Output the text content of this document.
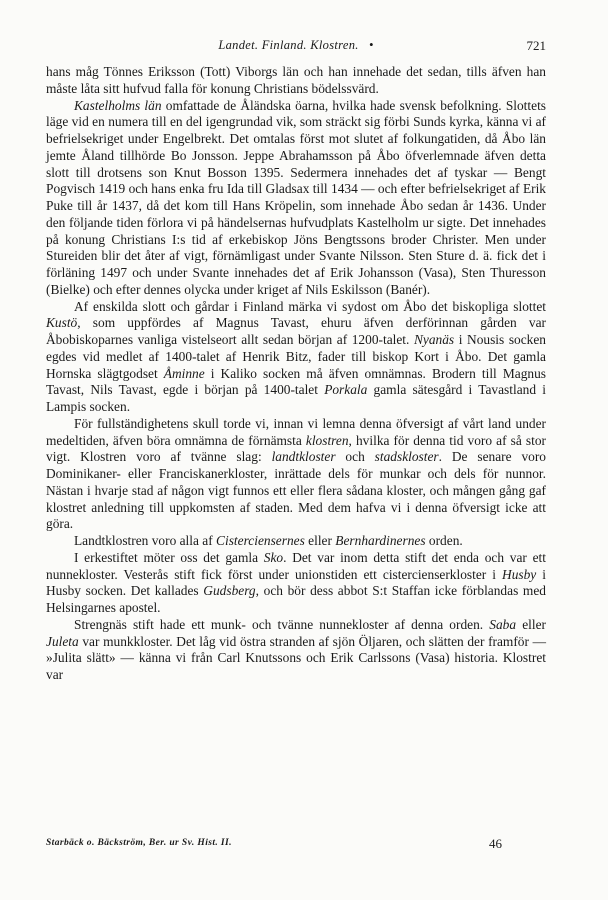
Landet. Finland. Klostren. •	721

hans måg Tönnes Eriksson (Tott) Viborgs län och han innehade det sedan, tills äfven han måste låta sitt hufvud falla för konung Christians bödelssvärd.

Kastelholms län omfattade de Åländska öarna, hvilka hade svensk befolkning. Slottets läge vid en numera till en del igengrundad vik, som sträckt sig förbi Sunds kyrka, känna vi af befrielsekriget under Engelbrekt. Det omtalas först mot slutet af folkungatiden, då Åbo län jemte Åland tillhörde Bo Jonsson. Jeppe Abrahamsson på Åbo öfverlemnade äfven detta slott till drotsens son Knut Bosson 1395. Sedermera innehades det af tyskar — Bengt Pogvisch 1419 och hans enka fru Ida till Gladsax till 1434 — och efter befrielsekriget af Erik Puke till år 1437, då det kom till Hans Kröpelin, som innehade Åbo sedan år 1436. Under den följande tiden förlora vi på händelsernas hufvudplats Kastelholm ur sigte. Det innehades på konung Christians I:s tid af erkebiskop Jöns Bengtssons broder Christer. Men under Stureiden blir det åter af vigt, förnämligast under Svante Nilsson. Sten Sture d. ä. fick det i förläning 1497 och under Svante innehades det af Erik Johansson (Vasa), Sten Thuresson (Bielke) och efter dennes olycka under kriget af Nils Eskilsson (Banér).

Af enskilda slott och gårdar i Finland märka vi sydost om Åbo det biskopliga slottet Kustö, som uppfördes af Magnus Tavast, ehuru äfven derförinnan gården var Åbobiskoparnes vanliga vistelseort allt sedan början af 1200-talet. Nyanäs i Nousis socken egdes vid medlet af 1400-talet af Henrik Bitz, fader till biskop Kort i Åbo. Det gamla Hornska slägtgodset Åminne i Kaliko socken må äfven omnämnas. Brodern till Magnus Tavast, Nils Tavast, egde i början på 1400-talet Porkala gamla sätesgård i Tavastland i Lampis socken.

För fullständighetens skull torde vi, innan vi lemna denna öfversigt af vårt land under medeltiden, äfven böra omnämna de förnämsta klostren, hvilka för denna tid voro af så stor vigt. Klostren voro af tvänne slag: landtkloster och stadskloster. De senare voro Dominikaner- eller Franciskanerkloster, inrättade dels för munkar och dels för nunnor. Nästan i hvarje stad af någon vigt funnos ett eller flera sådana kloster, och mången gång gaf klostret anledning till uppkomsten af staden. Med dem hafva vi i denna öfversigt icke att göra.

Landtklostren voro alla af Cisterciensernes eller Bernhardinernes orden.

I erkestiftet möter oss det gamla Sko. Det var inom detta stift det enda och var ett nunnekloster. Vesterås stift fick först under unionstiden ett cistercienserkloster i Husby i Husby socken. Det kallades Gudsberg, och bör dess abbot S:t Staffan icke förblandas med Helsingarnes apostel.

Strengnäs stift hade ett munk- och tvänne nunnekloster af denna orden. Saba eller Juleta var munkkloster. Det låg vid östra stranden af sjön Öljaren, och slätten der framför — »Julita slätt» — känna vi från Carl Knutssons och Erik Carlssons (Vasa) historia. Klostret var

Starbäck o. Bäckström, Ber. ur Sv. Hist. II.	46
